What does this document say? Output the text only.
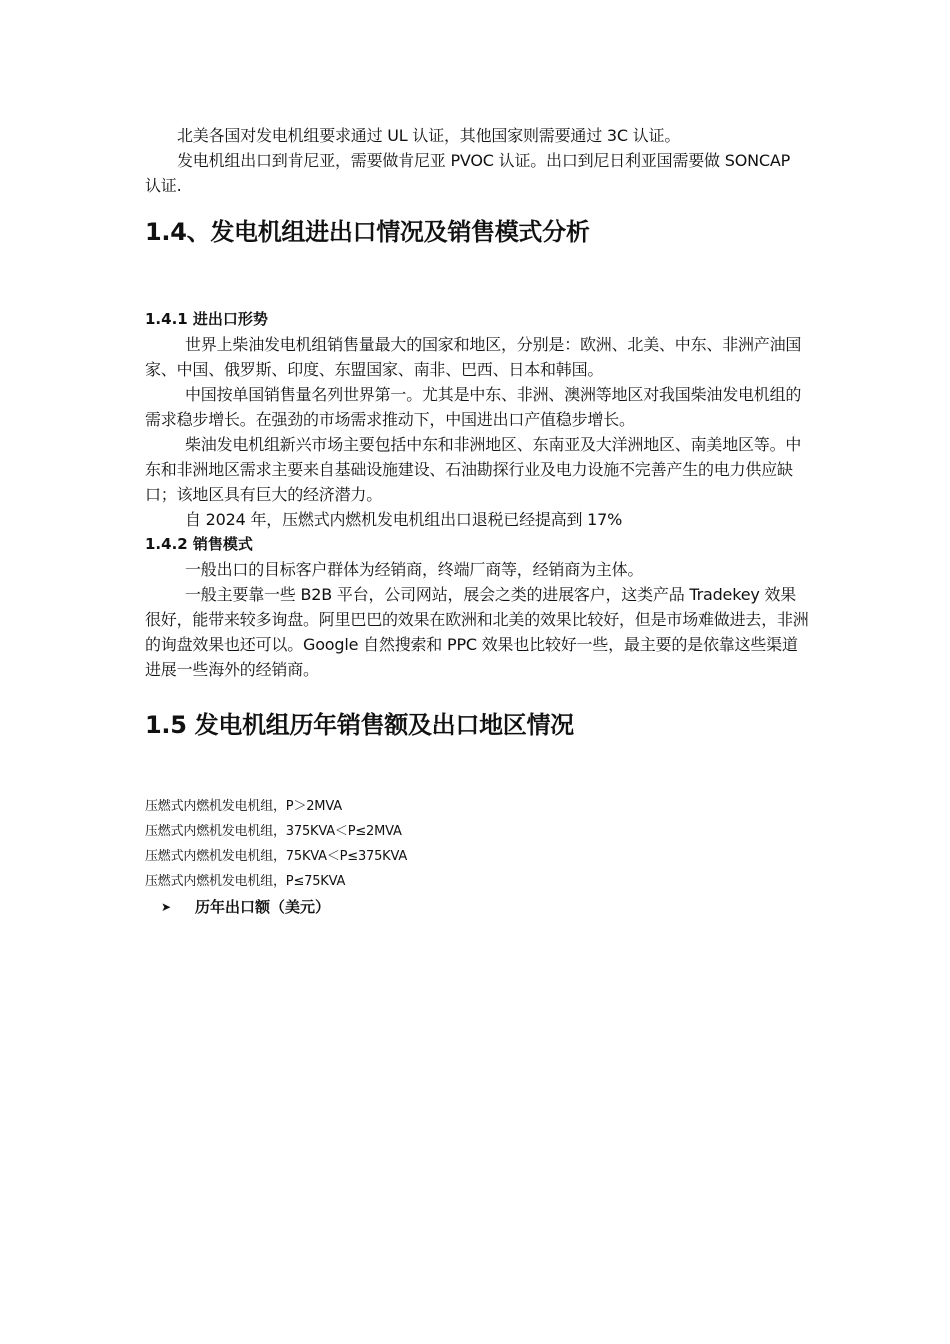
北美各国对发电机组要求通过 UL 认证，其他国家则需要通过 3C 认证。

发电机组出口到肯尼亚，需要做肯尼亚 PVOC 认证。出口到尼日利亚国需要做 SONCAP 认证.

1.4、发电机组进出口情况及销售模式分析
1.4.1 进出口形势

世界上柴油发电机组销售量最大的国家和地区，分别是：欧洲、北美、中东、非洲产油国家、中国、俄罗斯、印度、东盟国家、南非、巴西、日本和韩国。

中国按单国销售量名列世界第一。尤其是中东、非洲、澳洲等地区对我国柴油发电机组的需求稳步增长。在强劲的市场需求推动下，中国进出口产值稳步增长。

柴油发电机组新兴市场主要包括中东和非洲地区、东南亚及大洋洲地区、南美地区等。中东和非洲地区需求主要来自基础设施建设、石油勘探行业及电力设施不完善产生的电力供应缺口；该地区具有巨大的经济潜力。

自 2024 年，压燃式内燃机发电机组出口退税已经提高到 17%

1.4.2 销售模式

一般出口的目标客户群体为经销商，终端厂商等，经销商为主体。

一般主要靠一些 B2B 平台，公司网站，展会之类的进展客户，这类产品 Tradekey 效果很好，能带来较多询盘。阿里巴巴的效果在欧洲和北美的效果比较好，但是市场难做进去，非洲的询盘效果也还可以。Google 自然搜索和 PPC 效果也比较好一些，最主要的是依靠这些渠道进展一些海外的经销商。

1.5 发电机组历年销售额及出口地区情况
压燃式内燃机发电机组，P＞2MVA
压燃式内燃机发电机组，375KVA＜P≤2MVA
压燃式内燃机发电机组，75KVA＜P≤375KVA
压燃式内燃机发电机组，P≤75KVA
➤	历年出口额（美元）
